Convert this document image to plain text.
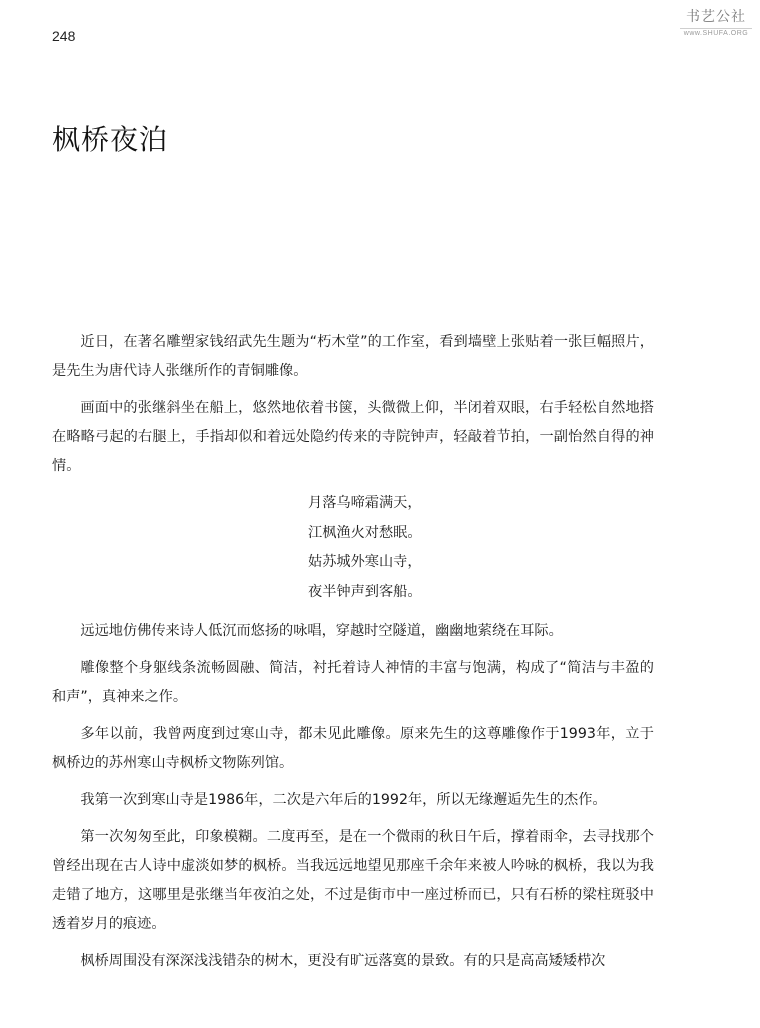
248
书艺公社
www.SHUFA.ORG
枫桥夜泊

近日，在著名雕塑家钱绍武先生题为“朽木堂”的工作室，看到墙壁上张贴着一张巨幅照片，是先生为唐代诗人张继所作的青铜雕像。

画面中的张继斜坐在船上，悠然地依着书箧，头微微上仰，半闭着双眼，右手轻松自然地搭在略略弓起的右腿上，手指却似和着远处隐约传来的寺院钟声，轻敲着节拍，一副怡然自得的神情。

月落乌啼霜满天，
江枫渔火对愁眠。
姑苏城外寒山寺，
夜半钟声到客船。

远远地仿佛传来诗人低沉而悠扬的咏唱，穿越时空隧道，幽幽地萦绕在耳际。

雕像整个身躯线条流畅圆融、简洁，衬托着诗人神情的丰富与饱满，构成了“简洁与丰盈的和声”，真神来之作。

多年以前，我曾两度到过寒山寺，都未见此雕像。原来先生的这尊雕像作于1993年，立于枫桥边的苏州寒山寺枫桥文物陈列馆。

我第一次到寒山寺是1986年，二次是六年后的1992年，所以无缘邂逅先生的杰作。

第一次匆匆至此，印象模糊。二度再至，是在一个微雨的秋日午后，撑着雨伞，去寻找那个曾经出现在古人诗中虚淡如梦的枫桥。当我远远地望见那座千余年来被人吟咏的枫桥，我以为我走错了地方，这哪里是张继当年夜泊之处，不过是街市中一座过桥而已，只有石桥的梁柱斑驳中透着岁月的痕迹。

枫桥周围没有深深浅浅错杂的树木，更没有旷远落寞的景致。有的只是高高矮矮栉次
